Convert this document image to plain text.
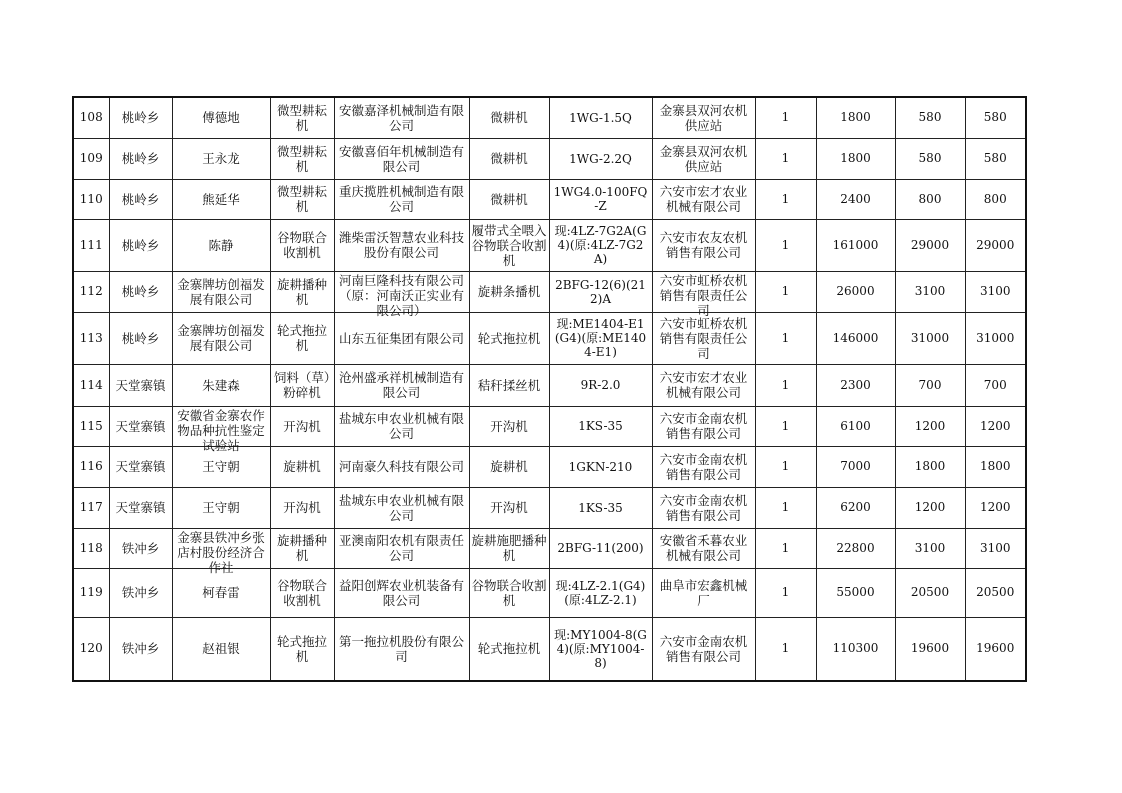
108	桃岭乡	傅德地	微型耕耘机	安徽嘉泽机械制造有限公司	微耕机	1WG-1.5Q	金寨县双河农机供应站	1	1800	580	580

109	桃岭乡	王永龙	微型耕耘机	安徽喜佰年机械制造有限公司	微耕机	1WG-2.2Q	金寨县双河农机供应站	1	1800	580	580

110	桃岭乡	熊延华	微型耕耘机	重庆揽胜机械制造有限公司	微耕机	1WG4.0-100FQ-Z	六安市宏才农业机械有限公司	1	2400	800	800

111	桃岭乡	陈静	谷物联合收割机	潍柴雷沃智慧农业科技股份有限公司	履带式全喂入谷物联合收割机	现:4LZ-7G2A(G4)(原:4LZ-7G2A)	六安市农友农机销售有限公司	1	161000	29000	29000

112	桃岭乡	金寨牌坊创福发展有限公司	旋耕播种机	河南巨隆科技有限公司（原：河南沃正实业有限公司）	旋耕条播机	2BFG-12(6)(212)A	六安市虹桥农机销售有限责任公司	1	26000	3100	3100

113	桃岭乡	金寨牌坊创福发展有限公司	轮式拖拉机	山东五征集团有限公司	轮式拖拉机	现:ME1404-E1(G4)(原:ME1404-E1)	六安市虹桥农机销售有限责任公司	1	146000	31000	31000

114	天堂寨镇	朱建森	饲料（草）粉碎机	沧州盛承祥机械制造有限公司	秸秆揉丝机	9R-2.0	六安市宏才农业机械有限公司	1	2300	700	700

115	天堂寨镇	安徽省金寨农作物品种抗性鉴定试验站	开沟机	盐城东申农业机械有限公司	开沟机	1KS-35	六安市金南农机销售有限公司	1	6100	1200	1200

116	天堂寨镇	王守朝	旋耕机	河南豪久科技有限公司	旋耕机	1GKN-210	六安市金南农机销售有限公司	1	7000	1800	1800

117	天堂寨镇	王守朝	开沟机	盐城东申农业机械有限公司	开沟机	1KS-35	六安市金南农机销售有限公司	1	6200	1200	1200

118	铁冲乡	金寨县铁冲乡张店村股份经济合作社	旋耕播种机	亚澳南阳农机有限责任公司	旋耕施肥播种机	2BFG-11(200)	安徽省禾暮农业机械有限公司	1	22800	3100	3100

119	铁冲乡	柯春雷	谷物联合收割机	益阳创辉农业机装备有限公司	谷物联合收割机	现:4LZ-2.1(G4)(原:4LZ-2.1)	曲阜市宏鑫机械厂	1	55000	20500	20500

120	铁冲乡	赵祖银	轮式拖拉机	第一拖拉机股份有限公司	轮式拖拉机	现:MY1004-8(G4)(原:MY1004-8)	六安市金南农机销售有限公司	1	110300	19600	19600
